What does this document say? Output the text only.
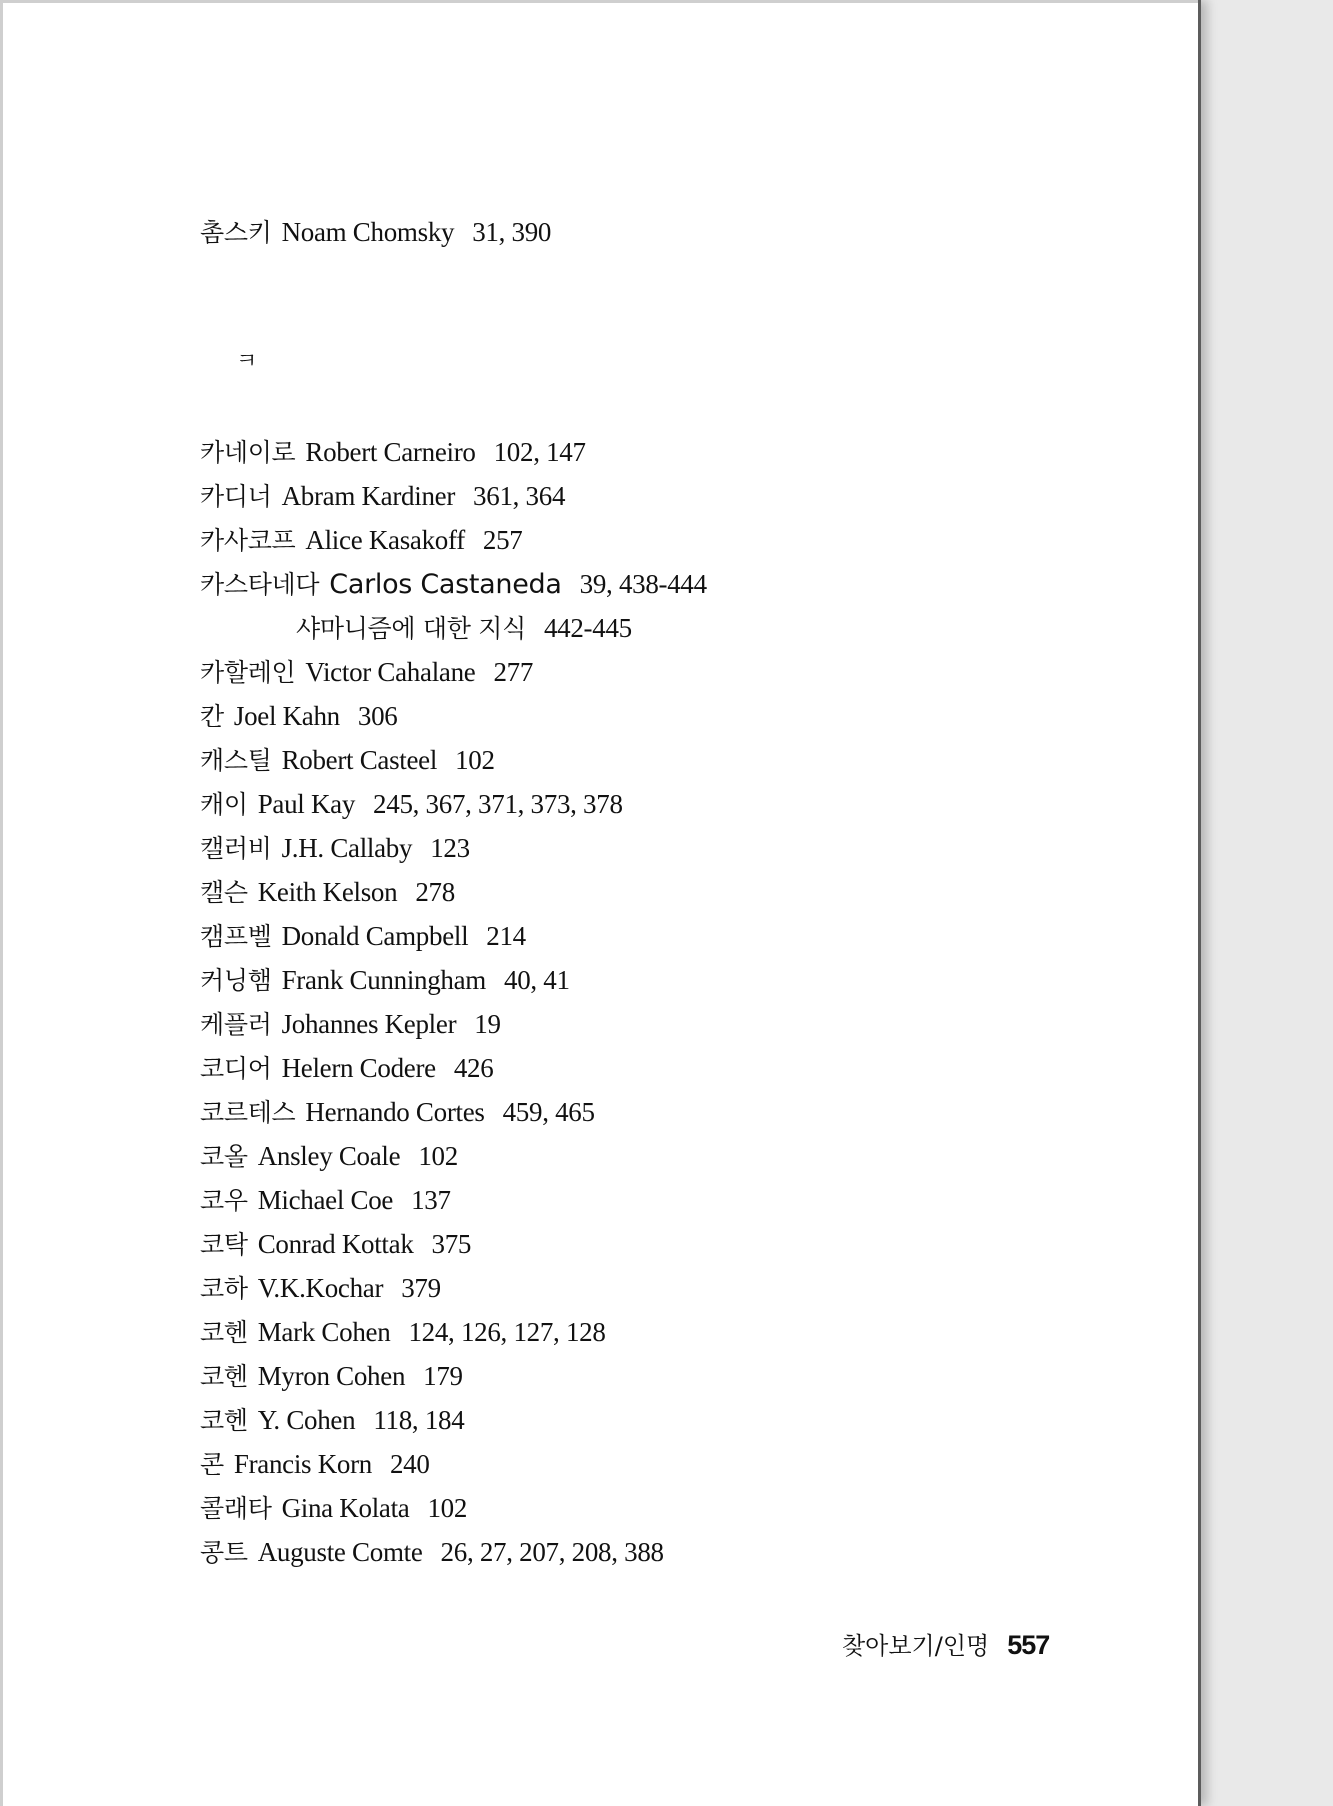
촘스키 Noam Chomsky 31, 390
ㅋ
카네이로 Robert Carneiro 102, 147
카디너 Abram Kardiner 361, 364
카사코프 Alice Kasakoff 257
카스타네다 Carlos Castaneda 39, 438-444
샤마니즘에 대한 지식 442-445
카할레인 Victor Cahalane 277
칸 Joel Kahn 306
캐스틸 Robert Casteel 102
캐이 Paul Kay 245, 367, 371, 373, 378
캘러비 J.H. Callaby 123
캘슨 Keith Kelson 278
캠프벨 Donald Campbell 214
커닝햄 Frank Cunningham 40, 41
케플러 Johannes Kepler 19
코디어 Helern Codere 426
코르테스 Hernando Cortes 459, 465
코올 Ansley Coale 102
코우 Michael Coe 137
코탁 Conrad Kottak 375
코하 V.K.Kochar 379
코헨 Mark Cohen 124, 126, 127, 128
코헨 Myron Cohen 179
코헨 Y. Cohen 118, 184
콘 Francis Korn 240
콜래타 Gina Kolata 102
콩트 Auguste Comte 26, 27, 207, 208, 388
찾아보기/인명 557
